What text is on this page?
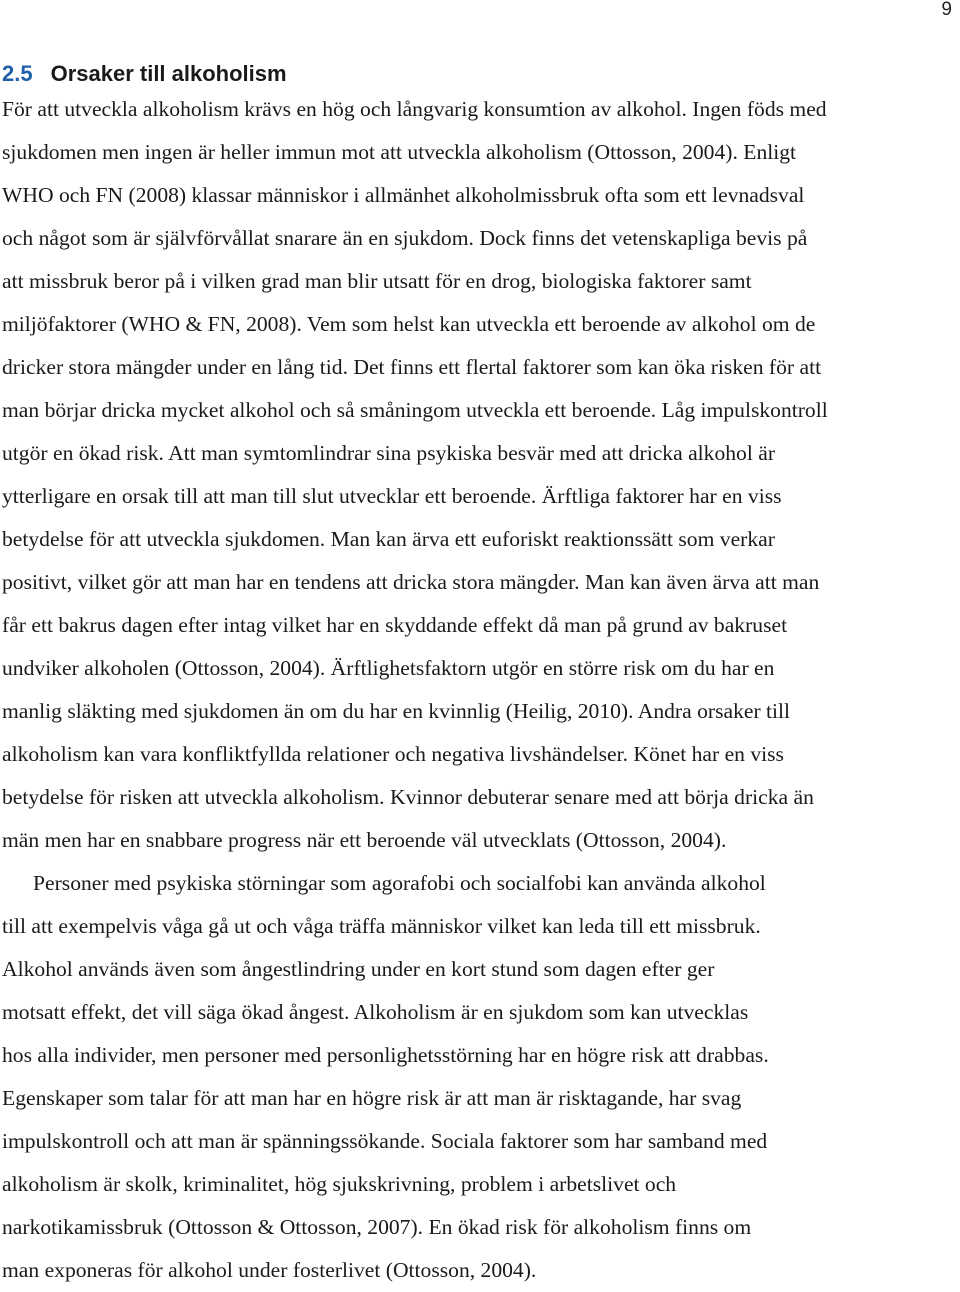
9
2.5 Orsaker till alkoholism
För att utveckla alkoholism krävs en hög och långvarig konsumtion av alkohol. Ingen föds med
sjukdomen men ingen är heller immun mot att utveckla alkoholism (Ottosson, 2004). Enligt
WHO och FN (2008) klassar människor i allmänhet alkoholmissbruk ofta som ett levnadsval
och något som är självförvållat snarare än en sjukdom. Dock finns det vetenskapliga bevis på
att missbruk beror på i vilken grad man blir utsatt för en drog, biologiska faktorer samt
miljöfaktorer (WHO & FN, 2008). Vem som helst kan utveckla ett beroende av alkohol om de
dricker stora mängder under en lång tid. Det finns ett flertal faktorer som kan öka risken för att
man börjar dricka mycket alkohol och så småningom utveckla ett beroende. Låg impulskontroll
utgör en ökad risk. Att man symtomlindrar sina psykiska besvär med att dricka alkohol är
ytterligare en orsak till att man till slut utvecklar ett beroende. Ärftliga faktorer har en viss
betydelse för att utveckla sjukdomen. Man kan ärva ett euforiskt reaktionssätt som verkar
positivt, vilket gör att man har en tendens att dricka stora mängder. Man kan även ärva att man
får ett bakrus dagen efter intag vilket har en skyddande effekt då man på grund av bakruset
undviker alkoholen (Ottosson, 2004). Ärftlighetsfaktorn utgör en större risk om du har en
manlig släkting med sjukdomen än om du har en kvinnlig (Heilig, 2010). Andra orsaker till
alkoholism kan vara konfliktfyllda relationer och negativa livshändelser. Könet har en viss
betydelse för risken att utveckla alkoholism. Kvinnor debuterar senare med att börja dricka än
män men har en snabbare progress när ett beroende väl utvecklats (Ottosson, 2004).
Personer med psykiska störningar som agorafobi och socialfobi kan använda alkohol
till att exempelvis våga gå ut och våga träffa människor vilket kan leda till ett missbruk.
Alkohol används även som ångestlindring under en kort stund som dagen efter ger
motsatt effekt, det vill säga ökad ångest. Alkoholism är en sjukdom som kan utvecklas
hos alla individer, men personer med personlighetsstörning har en högre risk att drabbas.
Egenskaper som talar för att man har en högre risk är att man är risktagande, har svag
impulskontroll och att man är spänningssökande. Sociala faktorer som har samband med
alkoholism är skolk, kriminalitet, hög sjukskrivning, problem i arbetslivet och
narkotikamissbruk (Ottosson & Ottosson, 2007). En ökad risk för alkoholism finns om
man exponeras för alkohol under fosterlivet (Ottosson, 2004).
